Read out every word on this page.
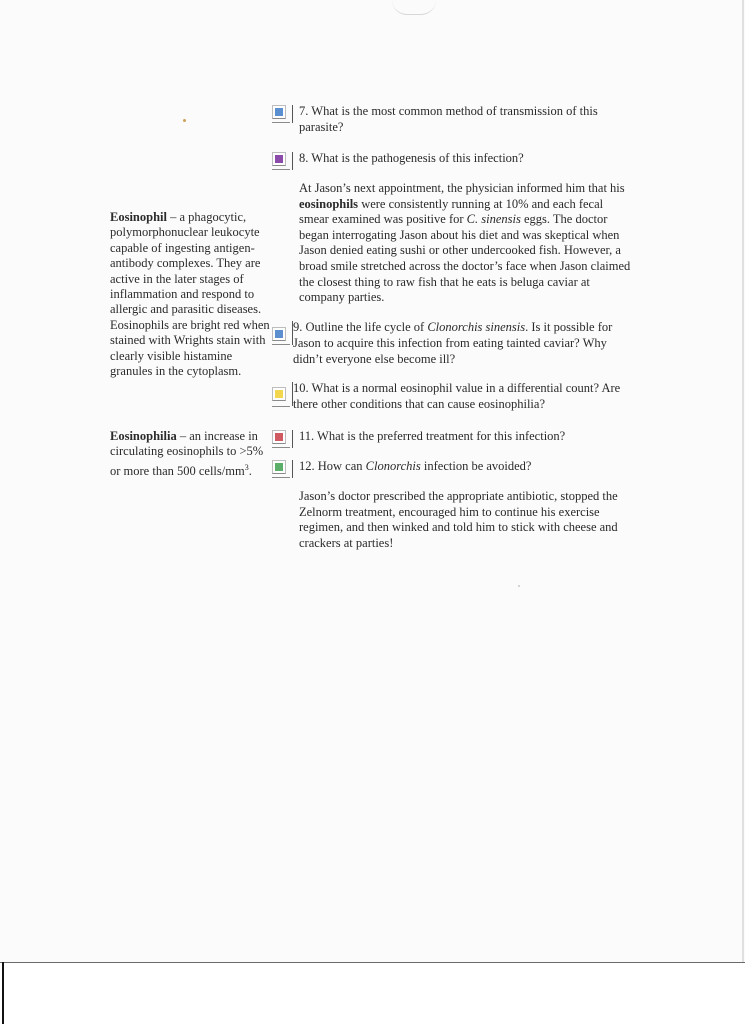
Eosinophil – a phagocytic, polymorphonuclear leukocyte capable of ingesting antigen-antibody complexes. They are active in the later stages of inflammation and respond to allergic and parasitic diseases. Eosinophils are bright red when stained with Wrights stain with clearly visible histamine granules in the cytoplasm.
Eosinophilia – an increase in circulating eosinophils to >5% or more than 500 cells/$mm^3$.
7. What is the most common method of transmission of this parasite?
8. What is the pathogenesis of this infection?
At Jason’s next appointment, the physician informed him that his eosinophils were consistently running at 10% and each fecal smear examined was positive for C. sinensis eggs. The doctor began interrogating Jason about his diet and was skeptical when Jason denied eating sushi or other undercooked fish. However, a broad smile stretched across the doctor’s face when Jason claimed the closest thing to raw fish that he eats is beluga caviar at company parties.
9. Outline the life cycle of Clonorchis sinensis. Is it possible for Jason to acquire this infection from eating tainted caviar? Why didn’t everyone else become ill?
10. What is a normal eosinophil value in a differential count? Are there other conditions that can cause eosinophilia?
11. What is the preferred treatment for this infection?
12. How can Clonorchis infection be avoided?
Jason’s doctor prescribed the appropriate antibiotic, stopped the Zelnorm treatment, encouraged him to continue his exercise regimen, and then winked and told him to stick with cheese and crackers at parties!
